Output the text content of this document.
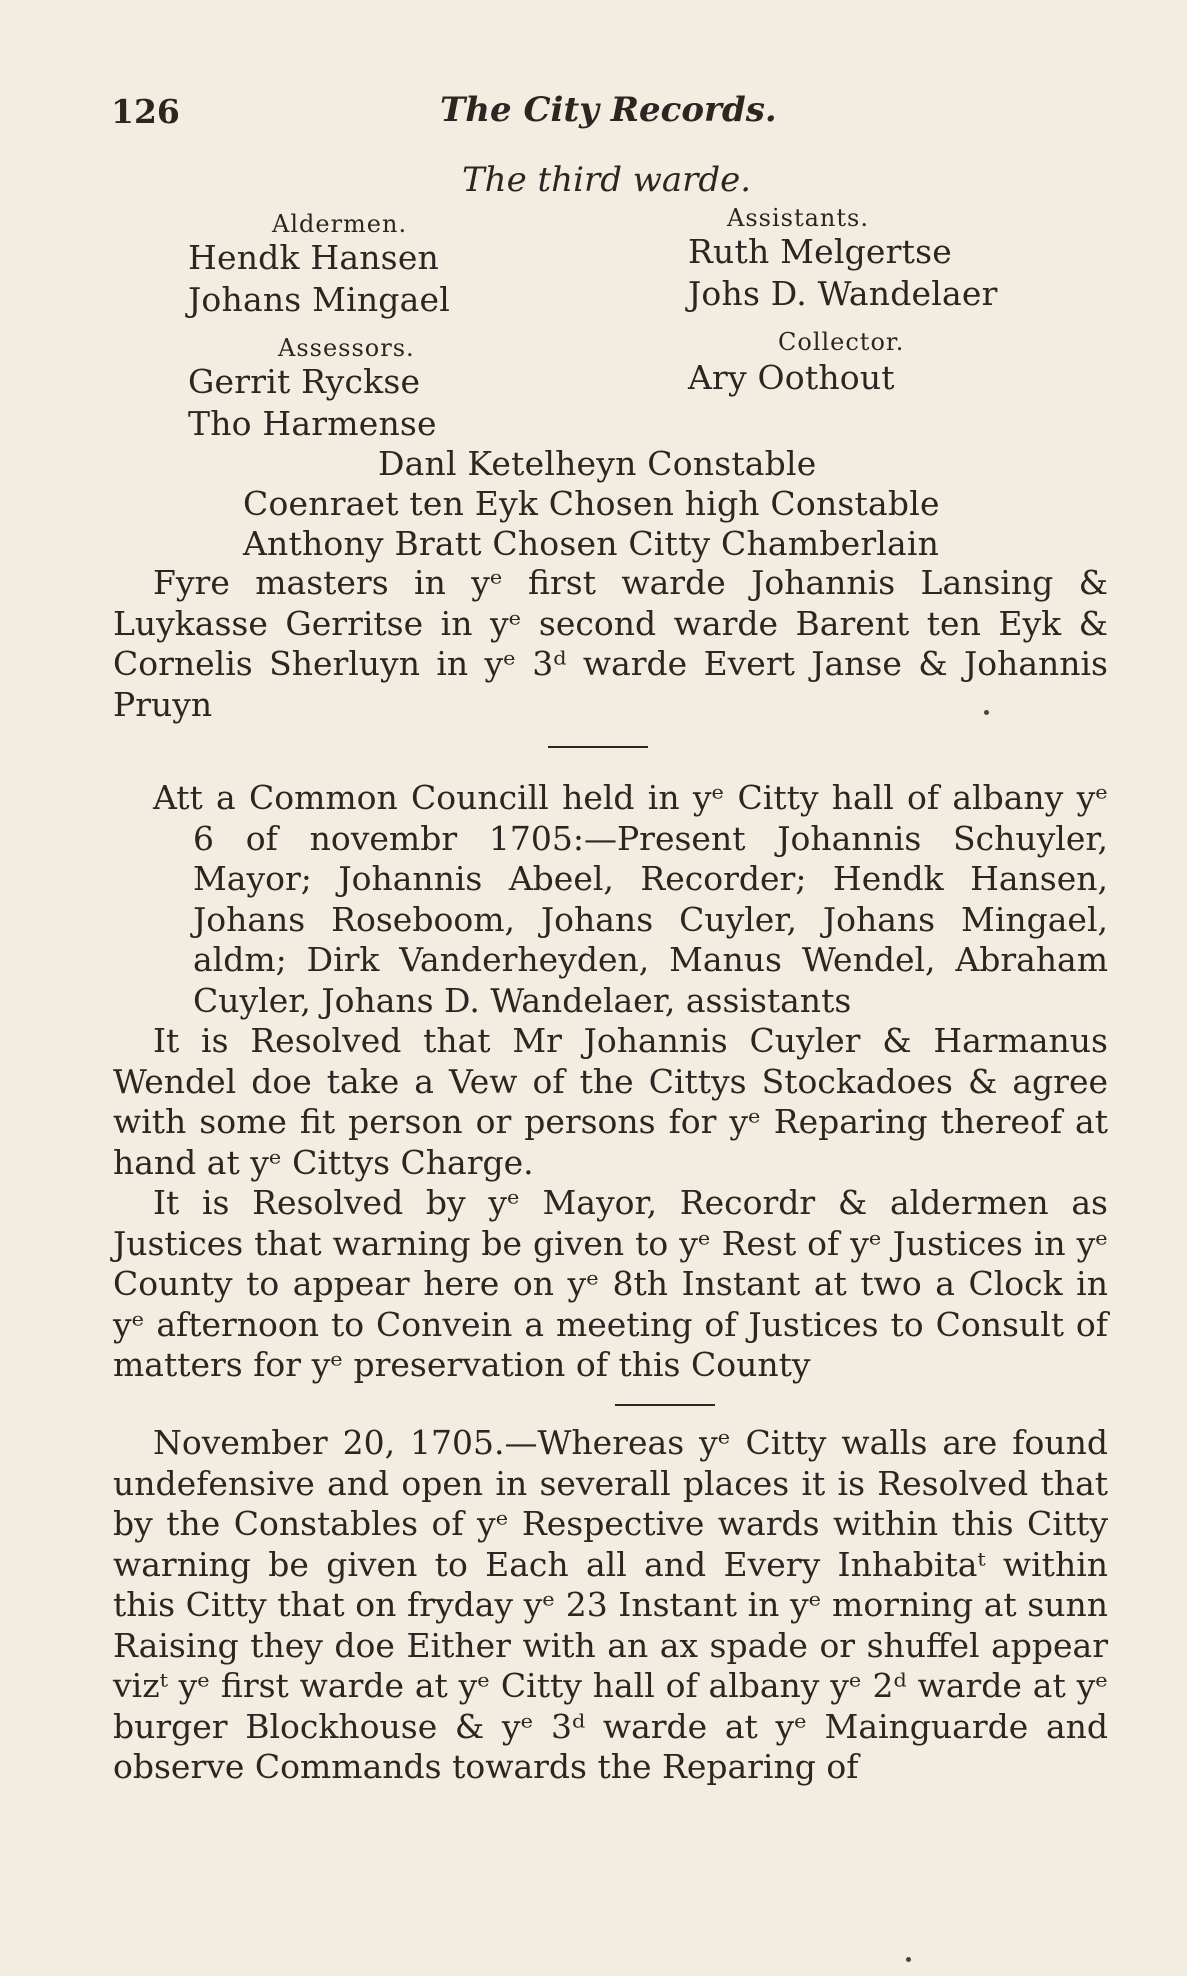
126	The City Records.
The third warde.
Aldermen.	Assistants.
Hendk Hansen	Ruth Melgertse
Johans Mingael	Johs D. Wandelaer
Assessors.	Collector.
Gerrit Ryckse	Ary Oothout
Tho Harmense
Danl Ketelheyn Constable
Coenraet ten Eyk Chosen high Constable
Anthony Bratt Chosen Citty Chamberlain

Fyre masters in yᵉ first warde Johannis Lansing & Luykasse Gerritse in yᵉ second warde Barent ten Eyk & Cornelis Sherluyn in yᵉ 3ᵈ warde Evert Janse & Johannis Pruyn

Att a Common Councill held in yᵉ Citty hall of albany yᵉ 6 of novembr 1705:—Present Johannis Schuyler, Mayor; Johannis Abeel, Recorder; Hendk Hansen, Johans Roseboom, Johans Cuyler, Johans Mingael, aldm; Dirk Vanderheyden, Manus Wendel, Abraham Cuyler, Johans D. Wandelaer, assistants

It is Resolved that Mr Johannis Cuyler & Harmanus Wendel doe take a Vew of the Cittys Stockadoes & agree with some fit person or persons for yᵉ Reparing thereof at hand at yᵉ Cittys Charge.

It is Resolved by yᵉ Mayor, Recordr & aldermen as Justices that warning be given to yᵉ Rest of yᵉ Justices in yᵉ County to appear here on yᵉ 8th Instant at two a Clock in yᵉ afternoon to Convein a meeting of Justices to Consult of matters for yᵉ preservation of this County

November 20, 1705.—Whereas yᵉ Citty walls are found undefensive and open in severall places it is Resolved that by the Constables of yᵉ Respective wards within this Citty warning be given to Each all and Every Inhabitaᵗ within this Citty that on fryday yᵉ 23 Instant in yᵉ morning at sunn Raising they doe Either with an ax spade or shuffel appear vizᵗ yᵉ first warde at yᵉ Citty hall of albany yᵉ 2ᵈ warde at yᵉ burger Blockhouse & yᵉ 3ᵈ warde at yᵉ Mainguarde and observe Commands towards the Reparing of
